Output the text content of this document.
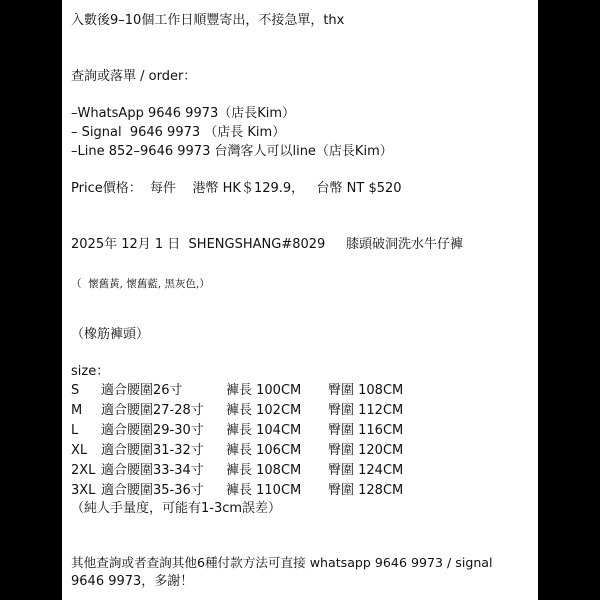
入數後9–10個工作日順豐寄出，不接急單，thx
查詢或落單 / order：
–WhatsApp 9646 9973（店長Kim）
– Signal  9646 9973 （店長 Kim）
–Line 852–9646 9973 台灣客人可以line（店長Kim）
Price價格：  每件    港幣 HK＄129.9，   台幣 NT $520
2025年 12月 1 日  SHENGSHANG#8029     膝頭破洞洗水牛仔褲
（  懷舊黃, 懷舊藍, 黑灰色,）
（橡筋褲頭）
size：

S

適合腰圍26寸

	褲長 100CM

臀圍 108CM

M

適合腰圍27-28寸

褲長 102CM

臀圍 112CM

L

適合腰圍29-30寸

褲長 104CM

臀圍 116CM

XL

適合腰圍31-32寸

褲長 106CM

臀圍 120CM

2XL

適合腰圍33-34寸

褲長 108CM

臀圍 124CM

3XL

適合腰圍35-36寸

褲長 110CM

臀圍 128CM

（純人手量度，可能有1-3cm誤差）
其他查詢或者查詢其他6種付款方法可直接 whatsapp 9646 9973 / signal
9646 9973，多謝！
